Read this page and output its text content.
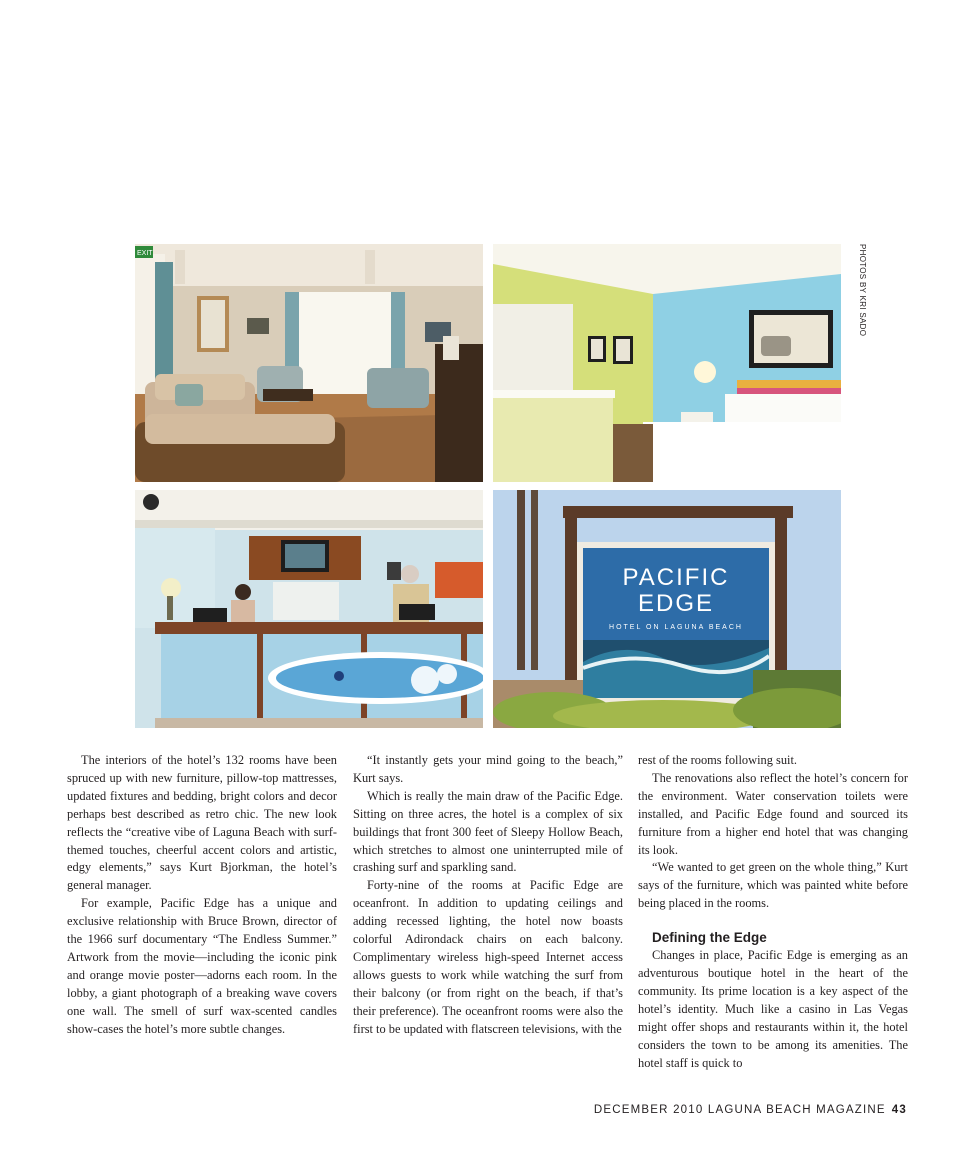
EXIT
PACIFIC
EDGE
HOTEL ON LAGUNA BEACH
PHOTOS BY KRI SADO

The interiors of the hotel’s 132 rooms have been spruced up with new furniture, pillow-top mattresses, updated fixtures and bedding, bright colors and decor perhaps best described as retro chic. The new look reflects the “creative vibe of Laguna Beach with surf-themed touches, cheerful accent colors and artistic, edgy elements,” says Kurt Bjorkman, the hotel’s general manager.

For example, Pacific Edge has a unique and exclusive relationship with Bruce Brown, director of the 1966 surf documentary “The Endless Summer.” Artwork from the movie—including the iconic pink and orange movie poster—adorns each room. In the lobby, a giant photograph of a breaking wave covers one wall. The smell of surf wax-scented candles show-cases the hotel’s more subtle changes.

“It instantly gets your mind going to the beach,” Kurt says.

Which is really the main draw of the Pacific Edge. Sitting on three acres, the hotel is a complex of six buildings that front 300 feet of Sleepy Hollow Beach, which stretches to almost one uninterrupted mile of crashing surf and sparkling sand.

Forty-nine of the rooms at Pacific Edge are oceanfront. In addition to updating ceilings and adding recessed lighting, the hotel now boasts colorful Adirondack chairs on each balcony. Complimentary wireless high-speed Internet access allows guests to work while watching the surf from their balcony (or from right on the beach, if that’s their preference). The oceanfront rooms were also the first to be updated with flatscreen televisions, with the

rest of the rooms following suit.

The renovations also reflect the hotel’s concern for the environment. Water conservation toilets were installed, and Pacific Edge found and sourced its furniture from a higher end hotel that was changing its look.

“We wanted to get green on the whole thing,” Kurt says of the furniture, which was painted white before being placed in the rooms.

Defining the Edge

Changes in place, Pacific Edge is emerging as an adventurous boutique hotel in the heart of the community. Its prime location is a key aspect of the hotel’s identity. Much like a casino in Las Vegas might offer shops and restaurants within it, the hotel considers the town to be among its amenities. The hotel staff is quick to

DECEMBER 2010 LAGUNA BEACH MAGAZINE 43
